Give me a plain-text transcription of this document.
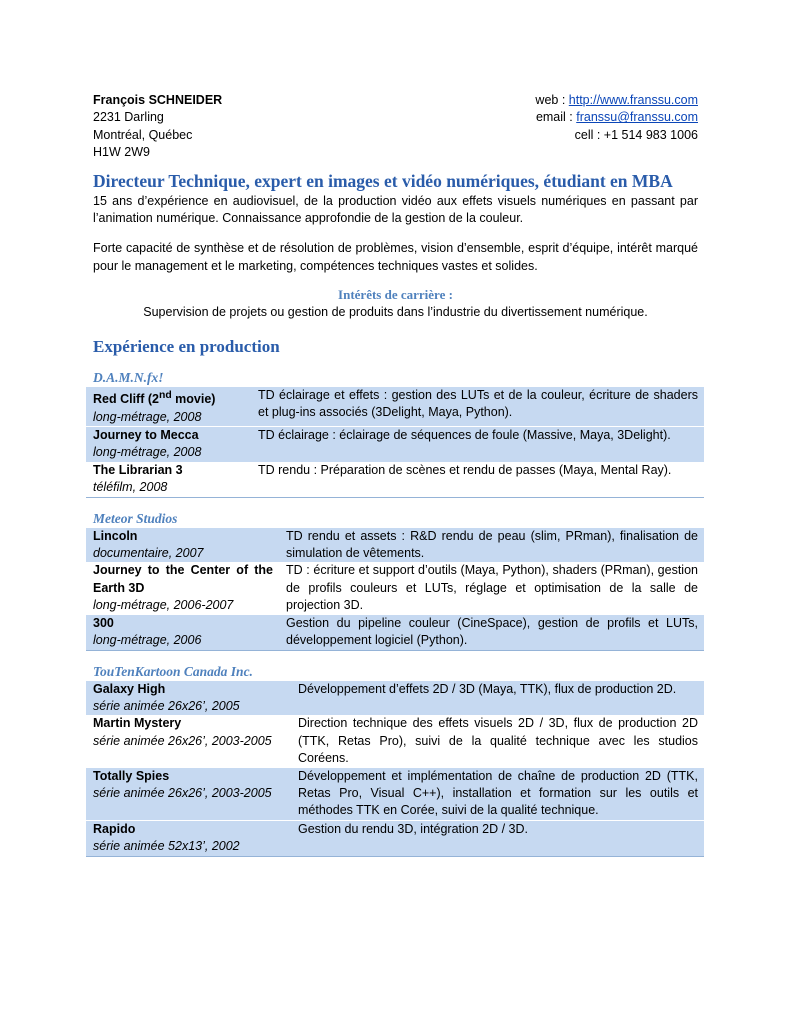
François SCHNEIDER
2231 Darling
Montréal, Québec
H1W 2W9
web : http://www.franssu.com
email : franssu@franssu.com
cell : +1 514 983 1006
Directeur Technique, expert en images et vidéo numériques, étudiant en MBA

15 ans d’expérience en audiovisuel, de la production vidéo aux effets visuels numériques en passant par l’animation numérique. Connaissance approfondie de la gestion de la couleur.

Forte capacité de synthèse et de résolution de problèmes, vision d’ensemble, esprit d’équipe, intérêt marqué pour le management et le marketing, compétences techniques vastes et solides.

Intérêts de carrière :
Supervision de projets ou gestion de produits dans l’industrie du divertissement numérique.
Expérience en production
D.A.M.N.fx!
Red Cliff (2nd movie)
long-métrage, 2008	TD éclairage et effets : gestion des LUTs et de la couleur, écriture de shaders et plug-ins associés (3Delight, Maya, Python).

Journey to Mecca
long-métrage, 2008	TD éclairage : éclairage de séquences de foule (Massive, Maya, 3Delight).

The Librarian 3
téléfilm, 2008	TD rendu : Préparation de scènes et rendu de passes (Maya, Mental Ray).
Meteor Studios
Lincoln
documentaire, 2007	TD rendu et assets : R&D rendu de peau (slim, PRman), finalisation de simulation de vêtements.

Journey to the Center of the Earth 3D
long-métrage, 2006-2007	TD : écriture et support d’outils (Maya, Python), shaders (PRman), gestion de profils couleurs et LUTs, réglage et optimisation de la salle de projection 3D.

300
long-métrage, 2006	Gestion du pipeline couleur (CineSpace), gestion de profils et LUTs, développement logiciel (Python).
TouTenKartoon Canada Inc.
Galaxy High
série animée 26x26’, 2005	Développement d’effets 2D / 3D (Maya, TTK), flux de production 2D.

Martin Mystery
série animée 26x26’, 2003-2005	Direction technique des effets visuels 2D / 3D, flux de production 2D (TTK, Retas Pro), suivi de la qualité technique avec les studios Coréens.

Totally Spies
série animée 26x26’, 2003-2005	Développement et implémentation de chaîne de production 2D (TTK, Retas Pro, Visual C++), installation et formation sur les outils et méthodes TTK en Corée, suivi de la qualité technique.

Rapido
série animée 52x13’, 2002	Gestion du rendu 3D, intégration 2D / 3D.
